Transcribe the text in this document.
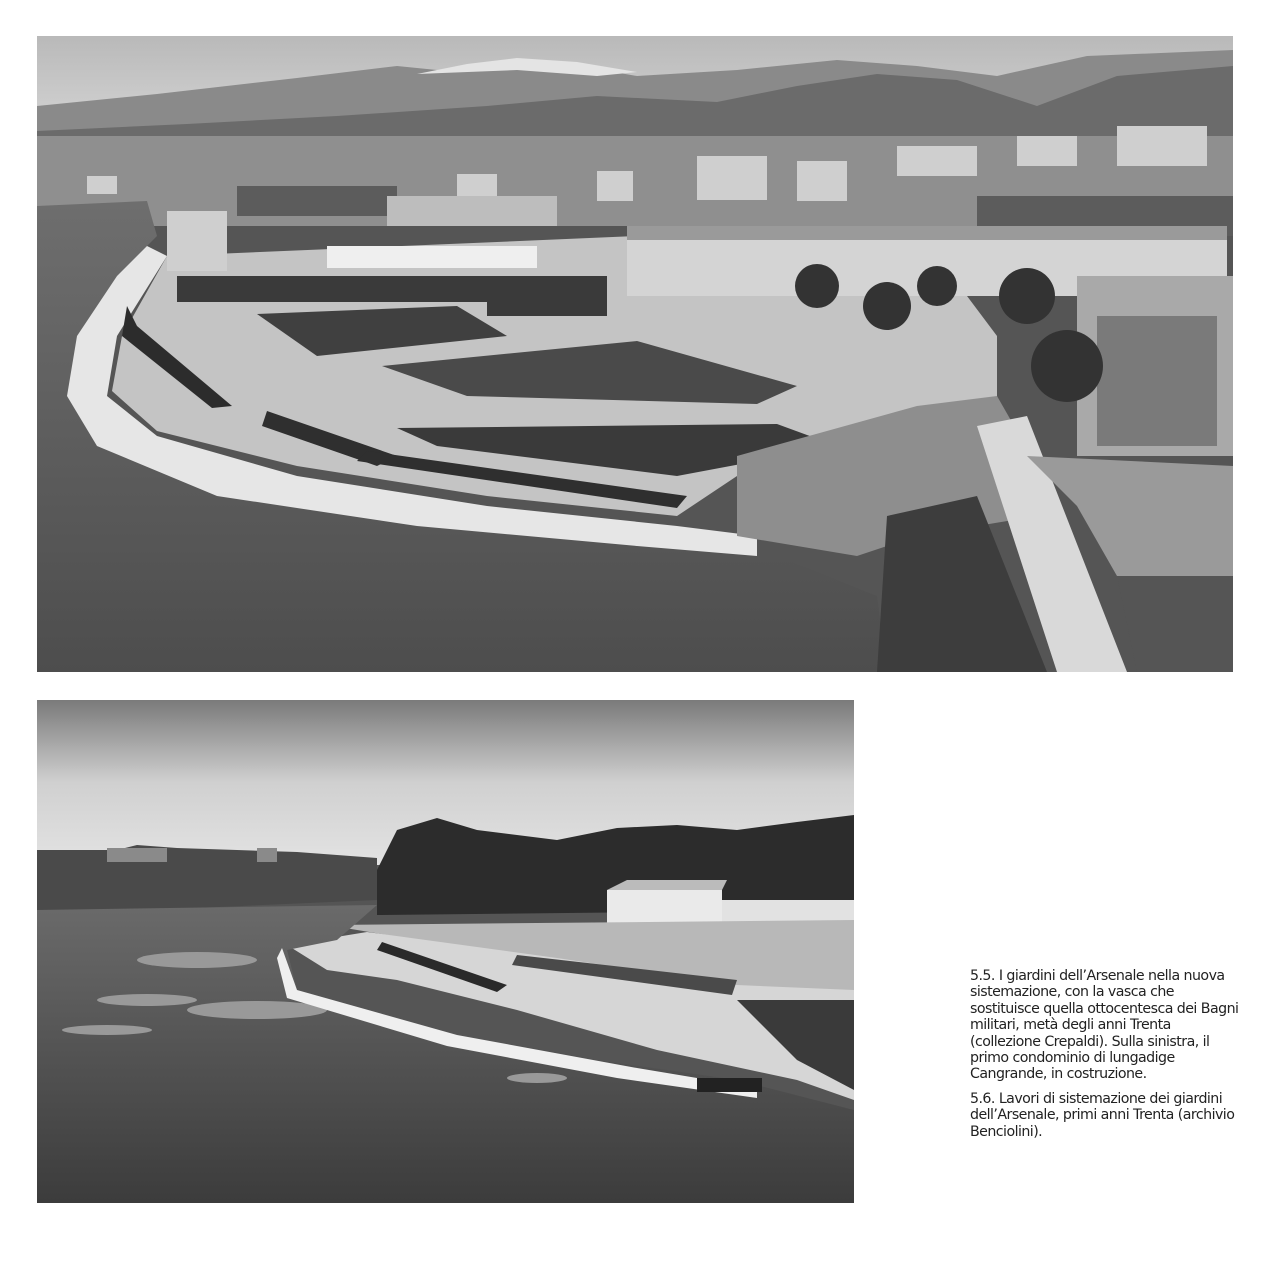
5.5. I giardini dell’Arsenale nella nuova sistemazione, con la vasca che sostituisce quella ottocentesca dei Bagni militari, metà degli anni Trenta (collezione Crepaldi). Sulla sinistra, il primo condominio di lungadige Cangrande, in costruzione.

5.6. Lavori di sistemazione dei giardini dell’Arsenale, primi anni Trenta (archivio Benciolini).
